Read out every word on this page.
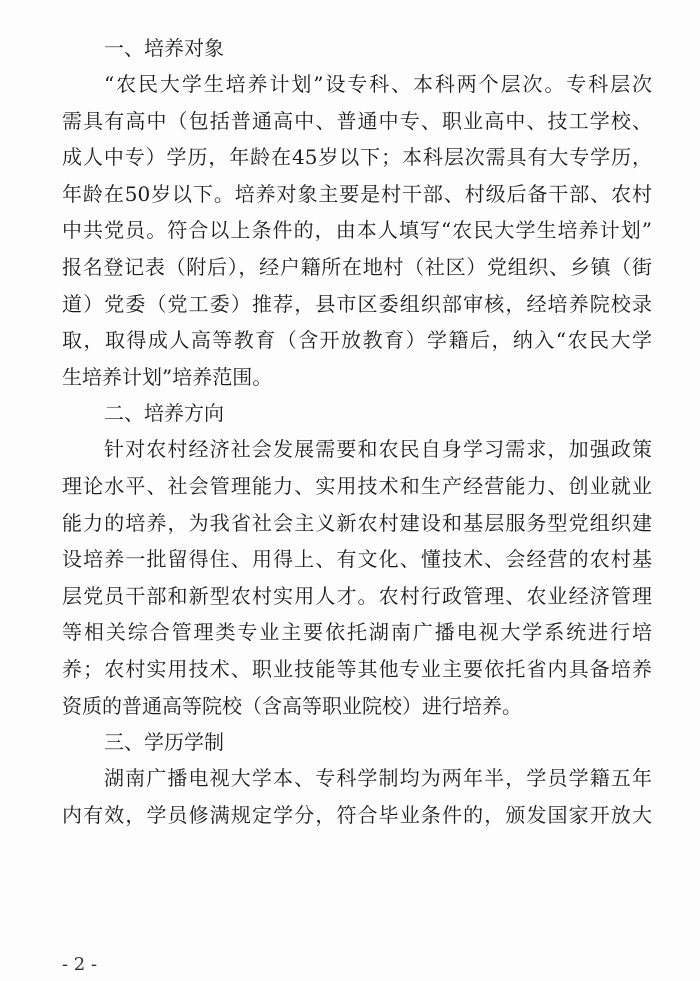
一、培养对象
“农民大学生培养计划”设专科、本科两个层次。专科层次
需具有高中（包括普通高中、普通中专、职业高中、技工学校、
成人中专）学历，年龄在45岁以下；本科层次需具有大专学历，
年龄在50岁以下。培养对象主要是村干部、村级后备干部、农村
中共党员。符合以上条件的，由本人填写“农民大学生培养计划”
报名登记表（附后），经户籍所在地村（社区）党组织、乡镇（街
道）党委（党工委）推荐，县市区委组织部审核，经培养院校录
取，取得成人高等教育（含开放教育）学籍后，纳入“农民大学
生培养计划”培养范围。
二、培养方向
针对农村经济社会发展需要和农民自身学习需求，加强政策
理论水平、社会管理能力、实用技术和生产经营能力、创业就业
能力的培养，为我省社会主义新农村建设和基层服务型党组织建
设培养一批留得住、用得上、有文化、懂技术、会经营的农村基
层党员干部和新型农村实用人才。农村行政管理、农业经济管理
等相关综合管理类专业主要依托湖南广播电视大学系统进行培
养；农村实用技术、职业技能等其他专业主要依托省内具备培养
资质的普通高等院校（含高等职业院校）进行培养。
三、学历学制
湖南广播电视大学本、专科学制均为两年半，学员学籍五年
内有效，学员修满规定学分，符合毕业条件的，颁发国家开放大
- 2 -
